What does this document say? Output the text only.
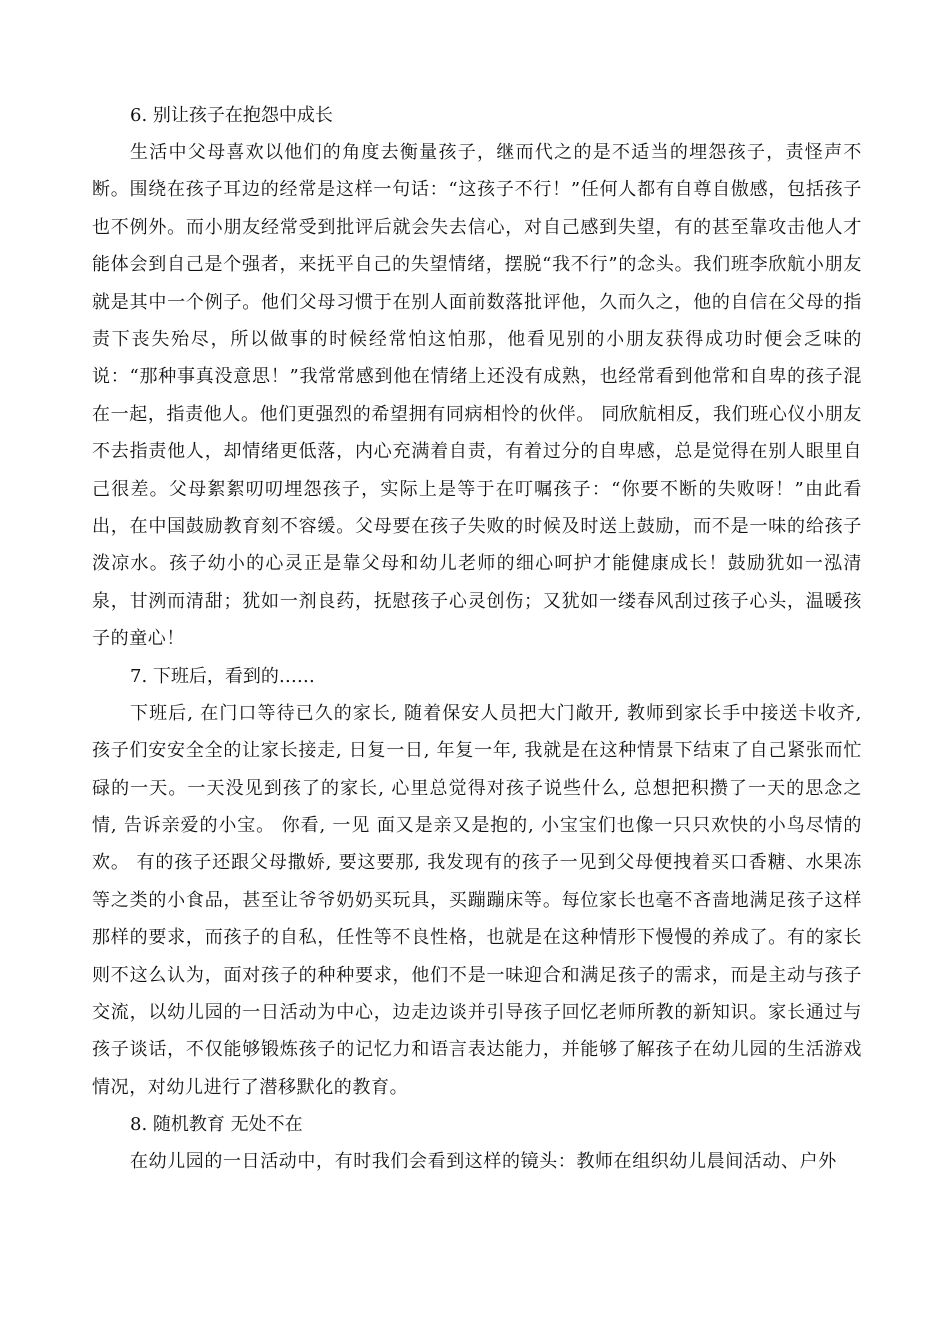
6. 别让孩子在抱怨中成长

生活中父母喜欢以他们的角度去衡量孩子，继而代之的是不适当的埋怨孩子，责怪声不断。围绕在孩子耳边的经常是这样一句话：“这孩子不行！”任何人都有自尊自傲感，包括孩子也不例外。而小朋友经常受到批评后就会失去信心，对自己感到失望，有的甚至靠攻击他人才能体会到自己是个强者，来抚平自己的失望情绪，摆脱“我不行”的念头。我们班李欣航小朋友就是其中一个例子。他们父母习惯于在别人面前数落批评他，久而久之，他的自信在父母的指责下丧失殆尽，所以做事的时候经常怕这怕那，他看见别的小朋友获得成功时便会乏味的说：“那种事真没意思！”我常常感到他在情绪上还没有成熟，也经常看到他常和自卑的孩子混在一起，指责他人。他们更强烈的希望拥有同病相怜的伙伴。 同欣航相反，我们班心仪小朋友不去指责他人，却情绪更低落，内心充满着自责，有着过分的自卑感，总是觉得在别人眼里自己很差。父母絮絮叨叨埋怨孩子，实际上是等于在叮嘱孩子：“你要不断的失败呀！”由此看出，在中国鼓励教育刻不容缓。父母要在孩子失败的时候及时送上鼓励，而不是一味的给孩子泼凉水。孩子幼小的心灵正是靠父母和幼儿老师的细心呵护才能健康成长！鼓励犹如一泓清泉，甘洌而清甜；犹如一剂良药，抚慰孩子心灵创伤；又犹如一缕春风刮过孩子心头，温暖孩子的童心！

7. 下班后，看到的……

下班后, 在门口等待已久的家长, 随着保安人员把大门敞开, 教师到家长手中接送卡收齐, 孩子们安安全全的让家长接走, 日复一日, 年复一年, 我就是在这种情景下结束了自己紧张而忙碌的一天。一天没见到孩了的家长, 心里总觉得对孩子说些什么, 总想把积攒了一天的思念之情, 告诉亲爱的小宝。 你看, 一见 面又是亲又是抱的, 小宝宝们也像一只只欢快的小鸟尽情的欢。 有的孩子还跟父母撒娇, 要这要那, 我发现有的孩子一见到父母便拽着买口香糖、水果冻等之类的小食品，甚至让爷爷奶奶买玩具，买蹦蹦床等。每位家长也毫不吝啬地满足孩子这样那样的要求，而孩子的自私，任性等不良性格，也就是在这种情形下慢慢的养成了。有的家长则不这么认为，面对孩子的种种要求，他们不是一味迎合和满足孩子的需求，而是主动与孩子交流，以幼儿园的一日活动为中心，边走边谈并引导孩子回忆老师所教的新知识。家长通过与孩子谈话，不仅能够锻炼孩子的记忆力和语言表达能力，并能够了解孩子在幼儿园的生活游戏情况，对幼儿进行了潜移默化的教育。

8. 随机教育 无处不在

在幼儿园的一日活动中，有时我们会看到这样的镜头：教师在组织幼儿晨间活动、户外
